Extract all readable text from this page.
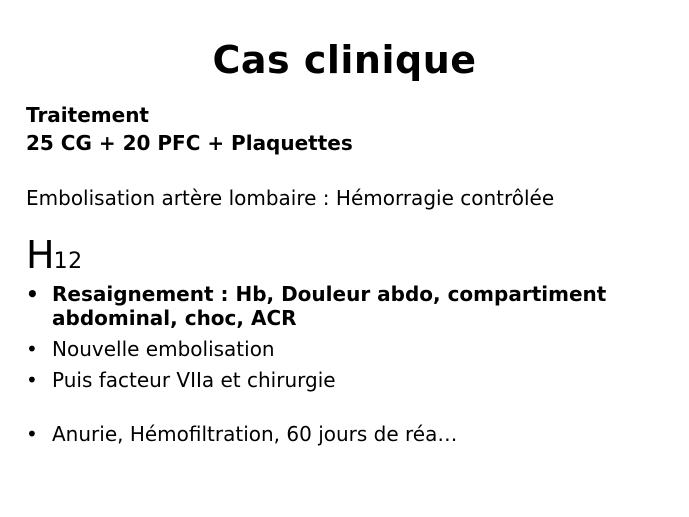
Cas clinique
Traitement
25 CG + 20 PFC + Plaquettes
Embolisation artère lombaire : Hémorragie contrôlée
H12
• Resaignement : Hb, Douleur abdo, compartiment abdominal, choc, ACR
• Nouvelle embolisation
• Puis facteur VIIa et chirurgie
• Anurie, Hémofiltration, 60 jours de réa…
